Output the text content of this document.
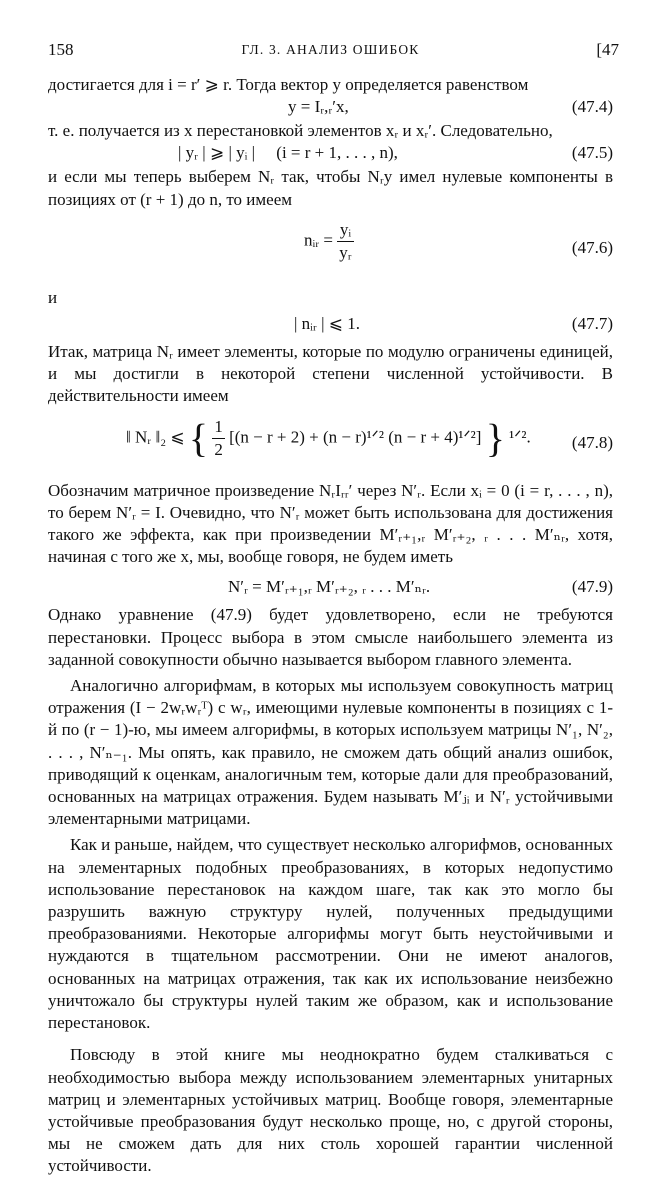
158	ГЛ. 3. АНАЛИЗ ОШИБОК	[47

достигается для i = r′ ⩾ r. Тогда вектор y определяется равенством

y = Iᵣ,ᵣ′x,	(47.4)

т. е. получается из x перестановкой элементов xᵣ и xᵣ′. Следовательно,

| yᵣ | ⩾ | yᵢ |     (i = r + 1, . . . , n),	(47.5)

и если мы теперь выберем Nᵣ так, чтобы Nᵣy имел нулевые компоненты в позициях от (r + 1) до n, то имеем

nᵢᵣ = $\frac{\text{yᵢ}}{\text{yᵣ}}$	(47.6)

и

| nᵢᵣ | ⩽ 1.	(47.7)

Итак, матрица Nᵣ имеет элементы, которые по модулю ограничены единицей, и мы достигли в некоторой степени численной устойчивости. В действительности имеем

‖ Nᵣ ‖₂ ⩽ { $\frac{1}{2} [(n - r + 2) + (n$ − r)¹ᐟ² (n − r + 4)¹ᐟ²] } ¹ᐟ². (47.8)

Обозначим матричное произведение NᵣIᵣᵣ′ через N′ᵣ. Если xᵢ = 0 (i = r, . . . , n), то берем N′ᵣ = I. Очевидно, что N′ᵣ может быть использована для достижения такого же эффекта, как при произведении M′ᵣ₊₁,ᵣ M′ᵣ₊₂, ᵣ . . . M′ₙᵣ, хотя, начиная с того же x, мы, вообще говоря, не будем иметь

N′ᵣ = M′ᵣ₊₁,ᵣ M′ᵣ₊₂, ᵣ . . . M′ₙᵣ.	(47.9)

Однако уравнение (47.9) будет удовлетворено, если не требуются перестановки. Процесс выбора в этом смысле наибольшего элемента из заданной совокупности обычно называется выбором главного элемента.

Аналогично алгорифмам, в которых мы используем совокупность матриц отражения (I − 2wᵣwᵣᵀ) с wᵣ, имеющими нулевые компоненты в позициях с 1-й по (r − 1)-ю, мы имеем алгорифмы, в которых используем матрицы N′₁, N′₂, . . . , N′ₙ₋₁. Мы опять, как правило, не сможем дать общий анализ ошибок, приводящий к оценкам, аналогичным тем, которые дали для преобразований, основанных на матрицах отражения. Будем называть M′ⱼᵢ и N′ᵣ устойчивыми элементарными матрицами.

Как и раньше, найдем, что существует несколько алгорифмов, основанных на элементарных подобных преобразованиях, в которых недопустимо использование перестановок на каждом шаге, так как это могло бы разрушить важную структуру нулей, полученных предыдущими преобразованиями. Некоторые алгорифмы могут быть неустойчивыми и нуждаются в тщательном рассмотрении. Они не имеют аналогов, основанных на матрицах отражения, так как их использование неизбежно уничтожало бы структуры нулей таким же образом, как и использование перестановок.

Повсюду в этой книге мы неоднократно будем сталкиваться с необходимостью выбора между использованием элементарных унитарных матриц и элементарных устойчивых матриц. Вообще говоря, элементарные устойчивые преобразования будут несколько проще, но, с другой стороны, мы не сможем дать для них столь хорошей гарантии численной устойчивости.
